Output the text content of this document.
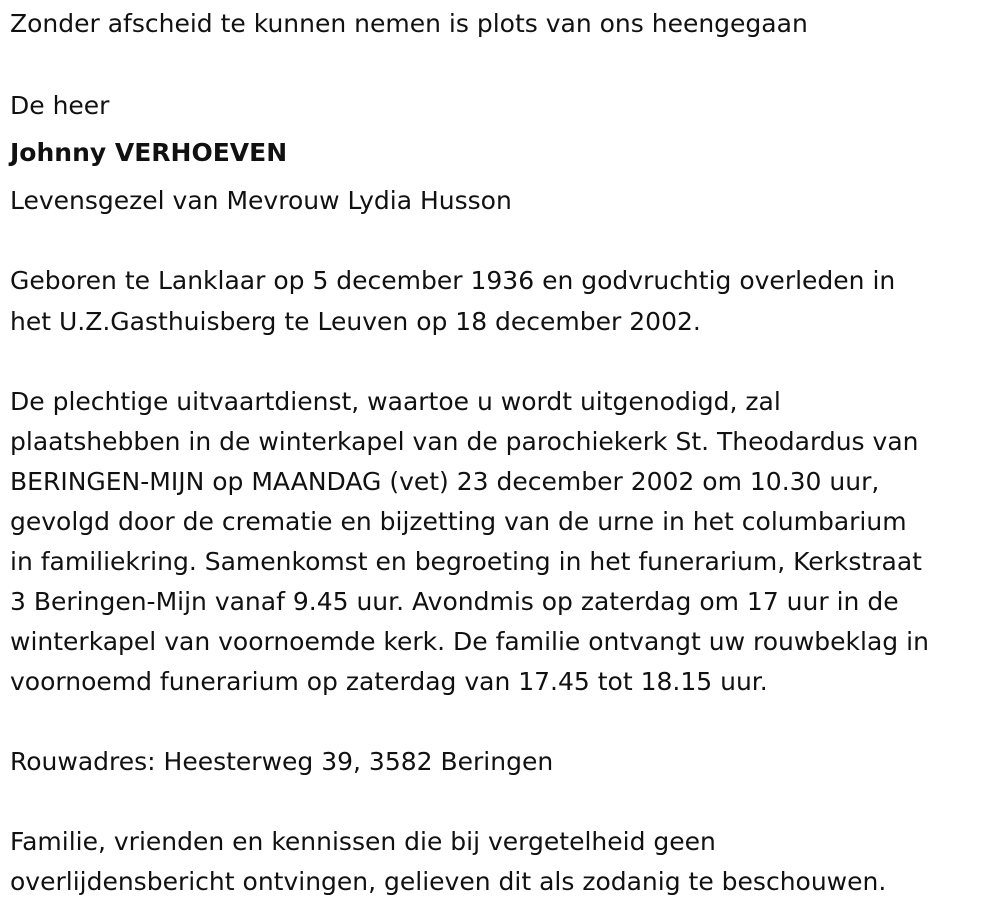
Zonder afscheid te kunnen nemen is plots van ons heengegaan
De heer
Johnny VERHOEVEN
Levensgezel van Mevrouw Lydia Husson
Geboren te Lanklaar op 5 december 1936 en godvruchtig overleden in
het U.Z.Gasthuisberg te Leuven op 18 december 2002.
De plechtige uitvaartdienst, waartoe u wordt uitgenodigd, zal
plaatshebben in de winterkapel van de parochiekerk St. Theodardus van
BERINGEN-MIJN op MAANDAG (vet) 23 december 2002 om 10.30 uur,
gevolgd door de crematie en bijzetting van de urne in het columbarium
in familiekring. Samenkomst en begroeting in het funerarium, Kerkstraat
3 Beringen-Mijn vanaf 9.45 uur. Avondmis op zaterdag om 17 uur in de
winterkapel van voornoemde kerk. De familie ontvangt uw rouwbeklag in
voornoemd funerarium op zaterdag van 17.45 tot 18.15 uur.
Rouwadres: Heesterweg 39, 3582 Beringen
Familie, vrienden en kennissen die bij vergetelheid geen
overlijdensbericht ontvingen, gelieven dit als zodanig te beschouwen.
